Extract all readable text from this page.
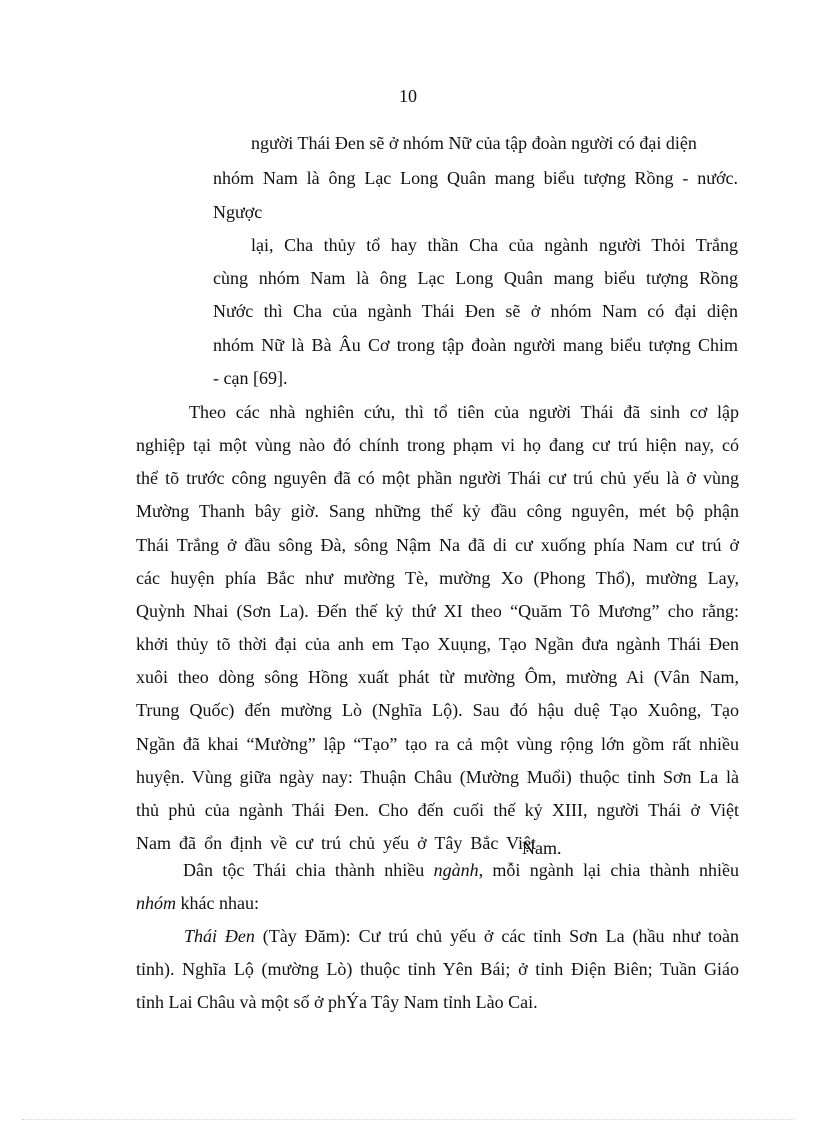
10
người Thái Đen sẽ ở nhóm Nữ của tập đoàn người có đại diện
nhóm Nam là ông Lạc Long Quân mang biểu tượng Rồng - nước.
Ngược
lại, Cha thủy tổ hay thần Cha của ngành người Thỏi Trắng
cùng nhóm Nam là ông Lạc Long Quân mang biểu tượng Rồng
Nước thì Cha của ngành Thái Đen sẽ ở nhóm Nam có đại diện
nhóm Nữ là Bà Âu Cơ trong tập đoàn người mang biểu tượng Chim
- cạn [69].
Theo các nhà nghiên cứu, thì tổ tiên của người Thái đã sinh cơ lập
nghiệp tại một vùng nào đó chính trong phạm vi họ đang cư trú hiện nay, có
thể tõ trước công nguyên đã có một phần người Thái cư trú chủ yếu là ở vùng
Mường Thanh bây giờ. Sang những thế kỷ đầu công nguyên, mét bộ phận
Thái Trắng ở đầu sông Đà, sông Nậm Na đã di cư xuống phía Nam cư trú ở
các huyện phía Bắc như mường Tè, mường Xo (Phong Thổ), mường Lay,
Quỳnh Nhai (Sơn La). Đến thế kỷ thứ XI theo “Quăm Tô Mương” cho rằng:
khởi thủy tõ thời đại của anh em Tạo Xuụng, Tạo Ngần đưa ngành Thái Đen
xuôi theo dòng sông Hồng xuất phát từ mường Ôm, mường Ai (Vân Nam,
Trung Quốc) đến mường Lò (Nghĩa Lộ). Sau đó hậu duệ Tạo Xuông, Tạo
Ngần đã khai “Mường” lập “Tạo” tạo ra cả một vùng rộng lớn gồm rất nhiều
huyện. Vùng giữa ngày nay: Thuận Châu (Mường Muổi) thuộc tỉnh Sơn La là
thủ phủ của ngành Thái Đen. Cho đến cuối thế kỷ XIII, người Thái ở Việt
Nam đã ổn định về cư trú chủ yếu ở Tây Bắc Việt
Nam.
Dân tộc Thái chia thành nhiều ngành, mỗi ngành lại chia thành nhiều
nhóm khác nhau:
Thái Đen (Tày Đăm): Cư trú chủ yếu ở các tỉnh Sơn La (hầu như toàn
tỉnh). Nghĩa Lộ (mường Lò) thuộc tỉnh Yên Bái; ở tỉnh Điện Biên; Tuần Giáo
tỉnh Lai Châu và một số ở phÝa Tây Nam tỉnh Lào Cai.
